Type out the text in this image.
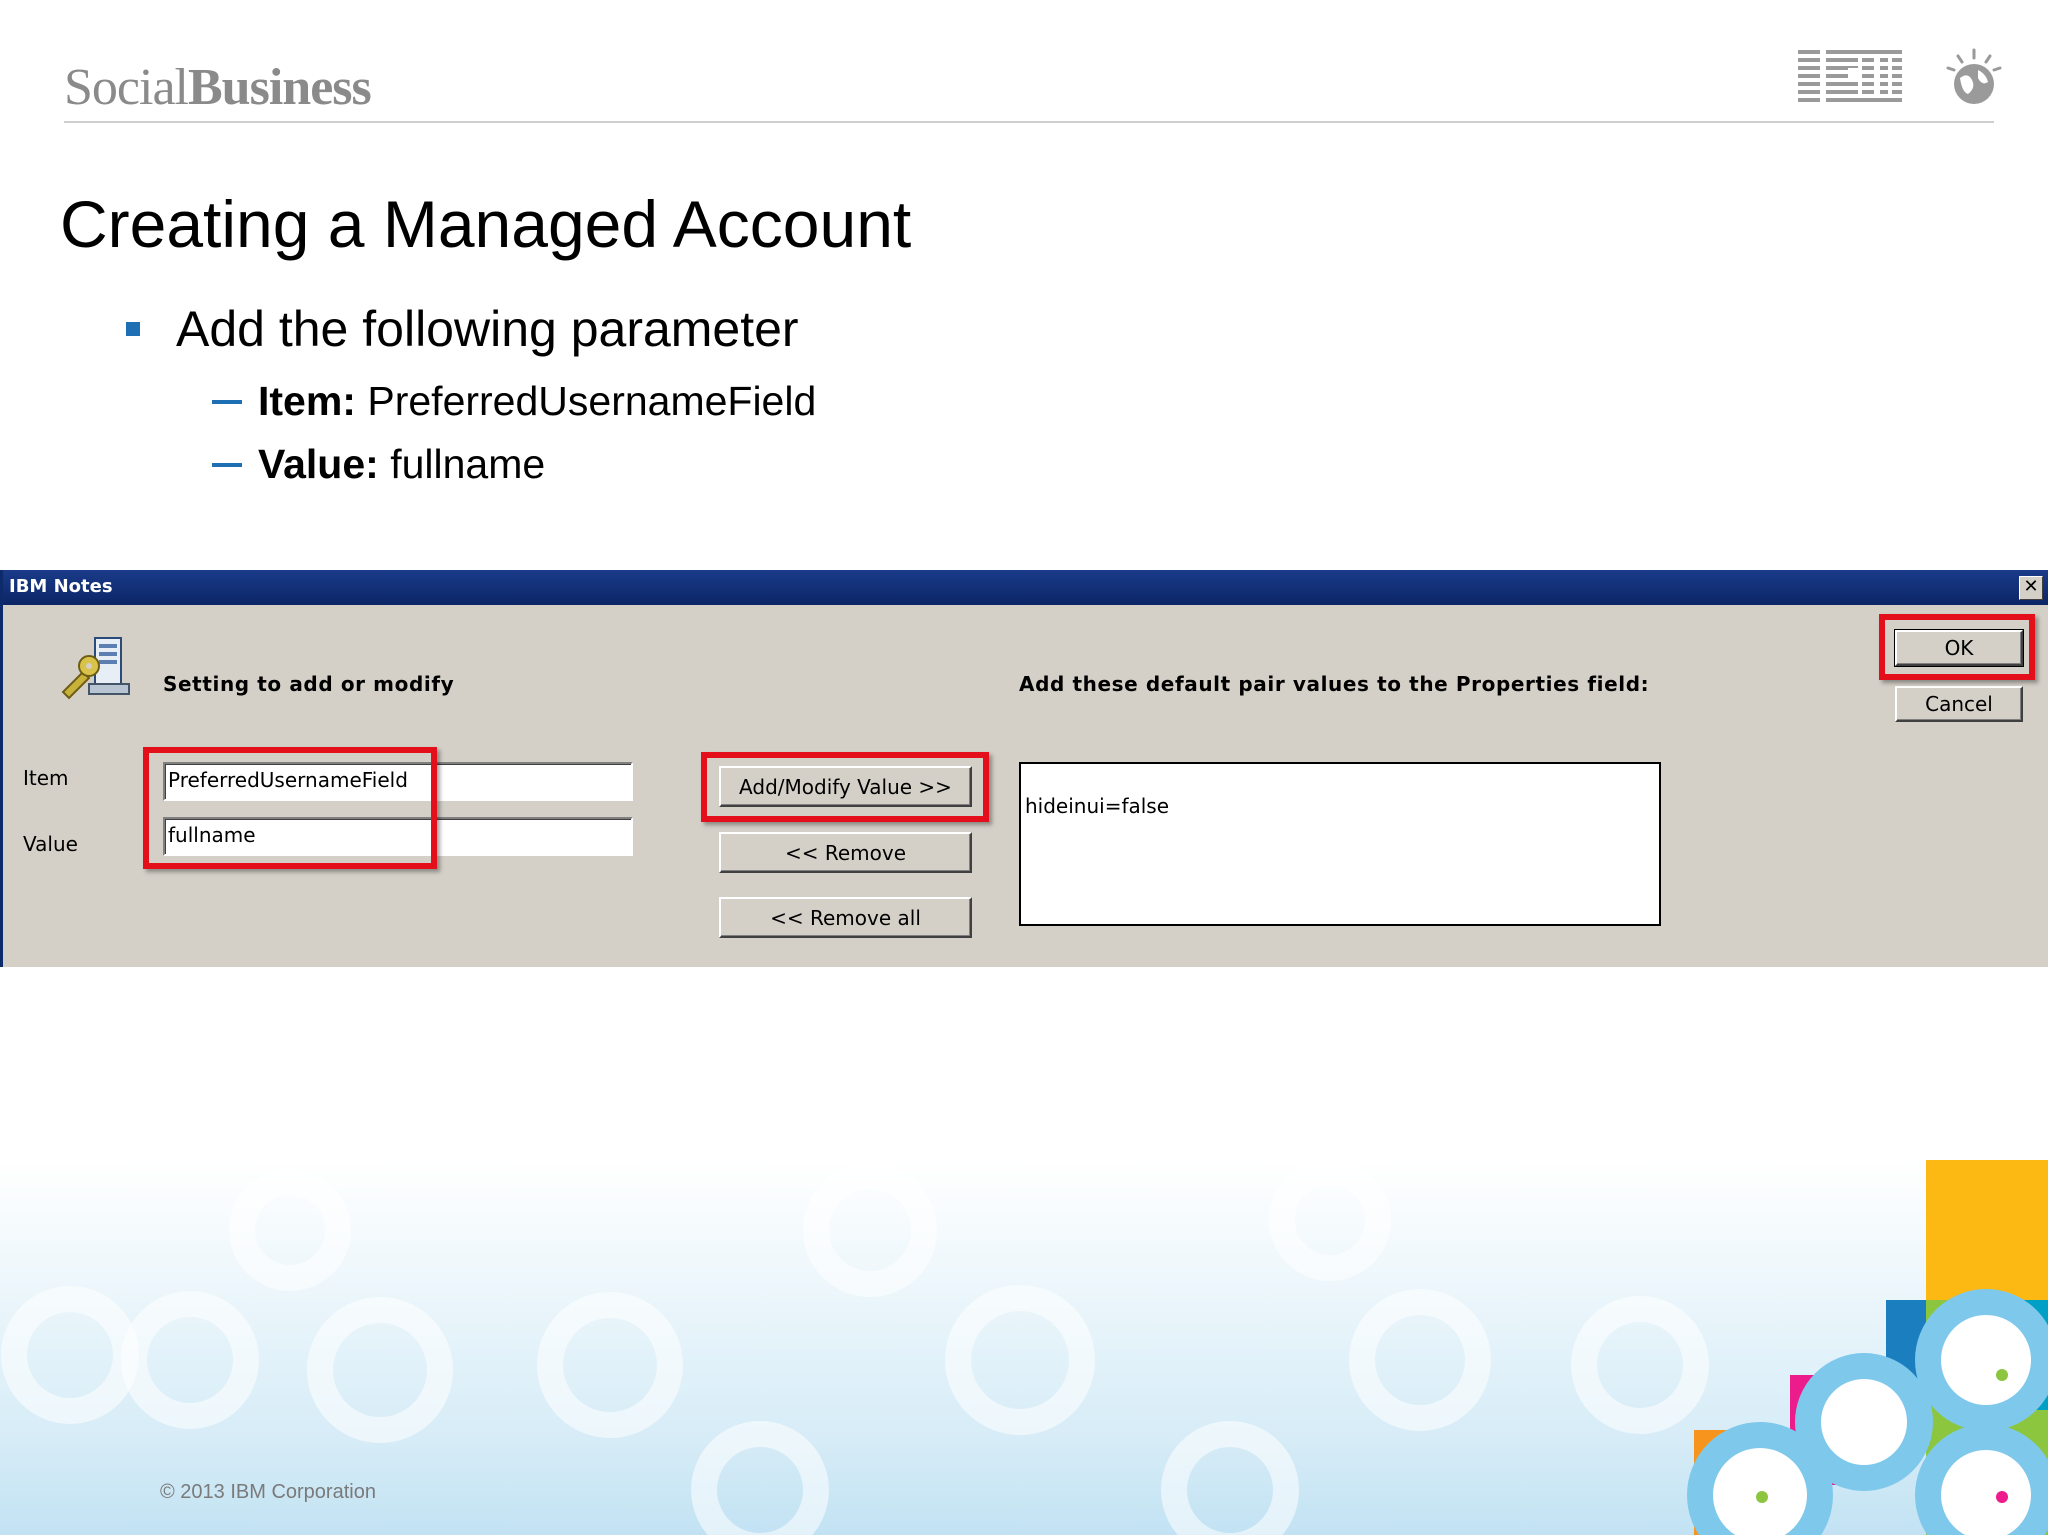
SocialBusiness
Creating a Managed Account
Add the following parameter
Item: PreferredUsernameField
Value: fullname
IBM Notes	✕
Setting to add or modify	Add these default pair values to the Properties field:
Item
Value
PreferredUsernameField
fullname
Add/Modify Value >>
<< Remove
<< Remove all
hideinui=false
OK
Cancel
© 2013 IBM Corporation
